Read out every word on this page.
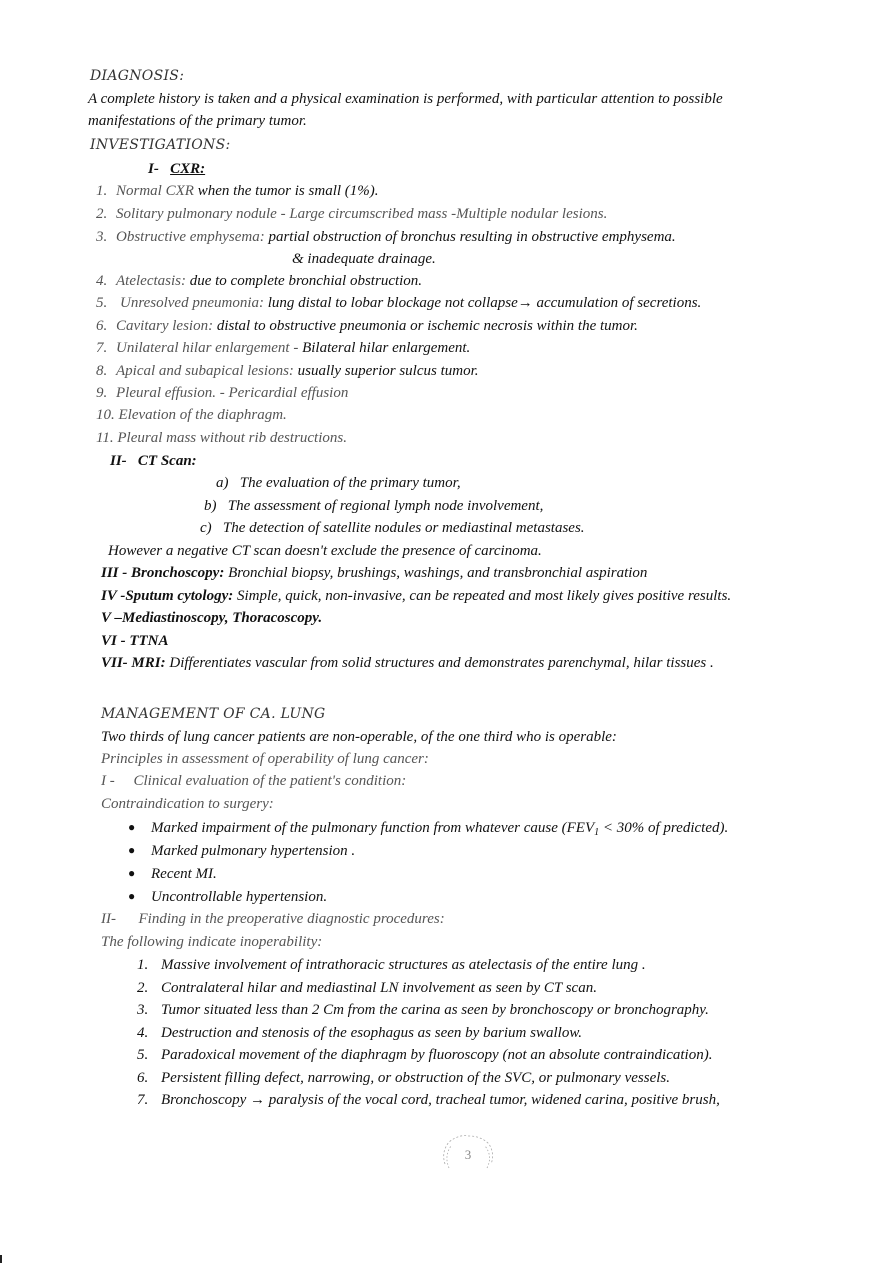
DIAGNOSIS:
A complete history is taken and a physical examination is performed, with particular attention to possible
manifestations of the primary tumor.
INVESTIGATIONS:
I- CXR:
1. Normal CXR when the tumor is small (1%).
2. Solitary pulmonary nodule - Large circumscribed mass -Multiple nodular lesions.
3. Obstructive emphysema: partial obstruction of bronchus resulting in obstructive emphysema.
& inadequate drainage.
4. Atelectasis: due to complete bronchial obstruction.
5. Unresolved pneumonia: lung distal to lobar blockage not collapse→ accumulation of secretions.
6. Cavitary lesion: distal to obstructive pneumonia or ischemic necrosis within the tumor.
7. Unilateral hilar enlargement - Bilateral hilar enlargement.
8. Apical and subapical lesions: usually superior sulcus tumor.
9. Pleural effusion. - Pericardial effusion
10. Elevation of the diaphragm.
11. Pleural mass without rib destructions.
II- CT Scan:
a) The evaluation of the primary tumor,
b) The assessment of regional lymph node involvement,
c) The detection of satellite nodules or mediastinal metastases.
However a negative CT scan doesn't exclude the presence of carcinoma.
III - Bronchoscopy: Bronchial biopsy, brushings, washings, and transbronchial aspiration
IV -Sputum cytology: Simple, quick, non-invasive, can be repeated and most likely gives positive results.
V –Mediastinoscopy, Thoracoscopy.
VI - TTNA
VII- MRI: Differentiates vascular from solid structures and demonstrates parenchymal, hilar tissues .
MANAGEMENT OF CA. LUNG
Two thirds of lung cancer patients are non-operable, of the one third who is operable:
Principles in assessment of operability of lung cancer:
I - Clinical evaluation of the patient's condition:
Contraindication to surgery:
● Marked impairment of the pulmonary function from whatever cause ($FEV_1 < 30\%$ of predicted).
● Marked pulmonary hypertension .
● Recent MI.
● Uncontrollable hypertension.
II- Finding in the preoperative diagnostic procedures:
The following indicate inoperability:
1. Massive involvement of intrathoracic structures as atelectasis of the entire lung .
2. Contralateral hilar and mediastinal LN involvement as seen by CT scan.
3. Tumor situated less than 2 Cm from the carina as seen by bronchoscopy or bronchography.
4. Destruction and stenosis of the esophagus as seen by barium swallow.
5. Paradoxical movement of the diaphragm by fluoroscopy (not an absolute contraindication).
6. Persistent filling defect, narrowing, or obstruction of the SVC, or pulmonary vessels.
7. Bronchoscopy → paralysis of the vocal cord, tracheal tumor, widened carina, positive brush,
3
